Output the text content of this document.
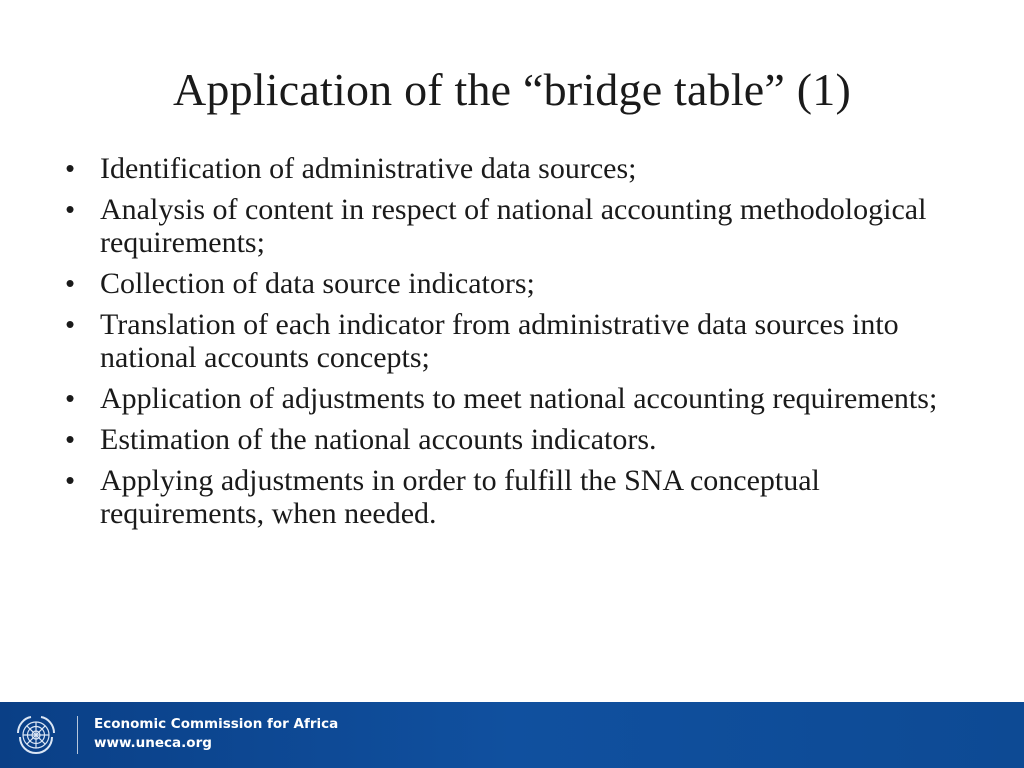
Application of the “bridge table” (1)
• Identification of administrative data sources;
• Analysis of content in respect of national accounting methodological requirements;
• Collection of data source indicators;
• Translation of each indicator from administrative data sources into national accounts concepts;
• Application of adjustments to meet national accounting requirements;
• Estimation of the national accounts indicators.
• Applying adjustments in order to fulfill the SNA conceptual requirements, when needed.
Economic Commission for Africa
www.uneca.org
